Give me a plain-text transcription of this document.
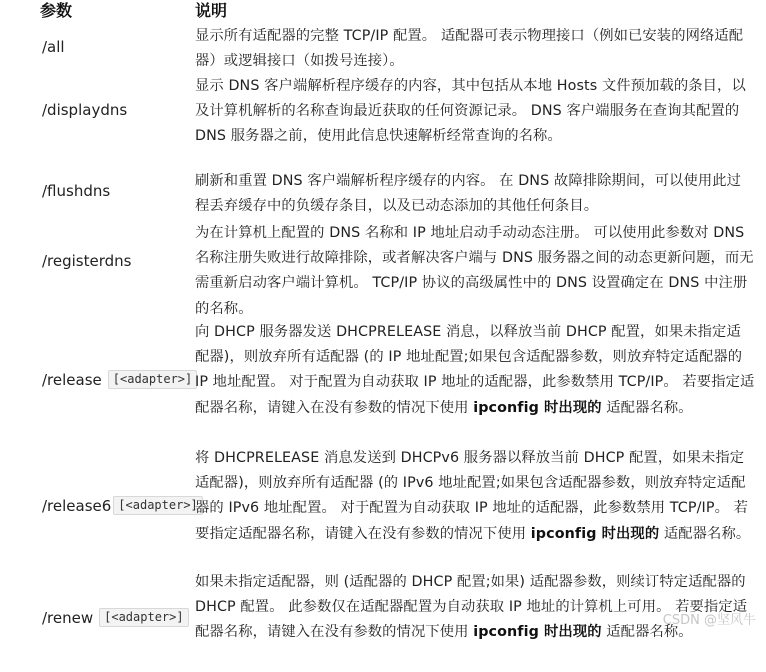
参数	说明
/all
显示所有适配器的完整 TCP/IP 配置。 适配器可表示物理接口（例如已安装的网络适配器）或逻辑接口（如拨号连接）。
/displaydns
显示 DNS 客户端解析程序缓存的内容，其中包括从本地 Hosts 文件预加载的条目，以及计算机解析的名称查询最近获取的任何资源记录。 DNS 客户端服务在查询其配置的 DNS 服务器之前，使用此信息快速解析经常查询的名称。
/flushdns
刷新和重置 DNS 客户端解析程序缓存的内容。 在 DNS 故障排除期间，可以使用此过程丢弃缓存中的负缓存条目，以及已动态添加的其他任何条目。
/registerdns
为在计算机上配置的 DNS 名称和 IP 地址启动手动动态注册。 可以使用此参数对 DNS 名称注册失败进行故障排除，或者解决客户端与 DNS 服务器之间的动态更新问题，而无需重新启动客户端计算机。 TCP/IP 协议的高级属性中的 DNS 设置确定在 DNS 中注册的名称。
/release [<adapter>]
向 DHCP 服务器发送 DHCPRELEASE 消息，以释放当前 DHCP 配置，如果未指定适配器)，则放弃所有适配器 (的 IP 地址配置;如果包含适配器参数，则放弃特定适配器的 IP 地址配置。 对于配置为自动获取 IP 地址的适配器，此参数禁用 TCP/IP。 若要指定适配器名称，请键入在没有参数的情况下使用 ipconfig 时出现的 适配器名称。
/release6 [<adapter>]
将 DHCPRELEASE 消息发送到 DHCPv6 服务器以释放当前 DHCP 配置，如果未指定适配器)，则放弃所有适配器 (的 IPv6 地址配置;如果包含适配器参数，则放弃特定适配器的 IPv6 地址配置。 对于配置为自动获取 IP 地址的适配器，此参数禁用 TCP/IP。 若要指定适配器名称，请键入在没有参数的情况下使用 ipconfig 时出现的 适配器名称。
/renew [<adapter>]
如果未指定适配器，则 (适配器的 DHCP 配置;如果) 适配器参数，则续订特定适配器的 DHCP 配置。 此参数仅在适配器配置为自动获取 IP 地址的计算机上可用。 若要指定适配器名称，请键入在没有参数的情况下使用 ipconfig 时出现的 适配器名称。
CSDN @坚风牛
